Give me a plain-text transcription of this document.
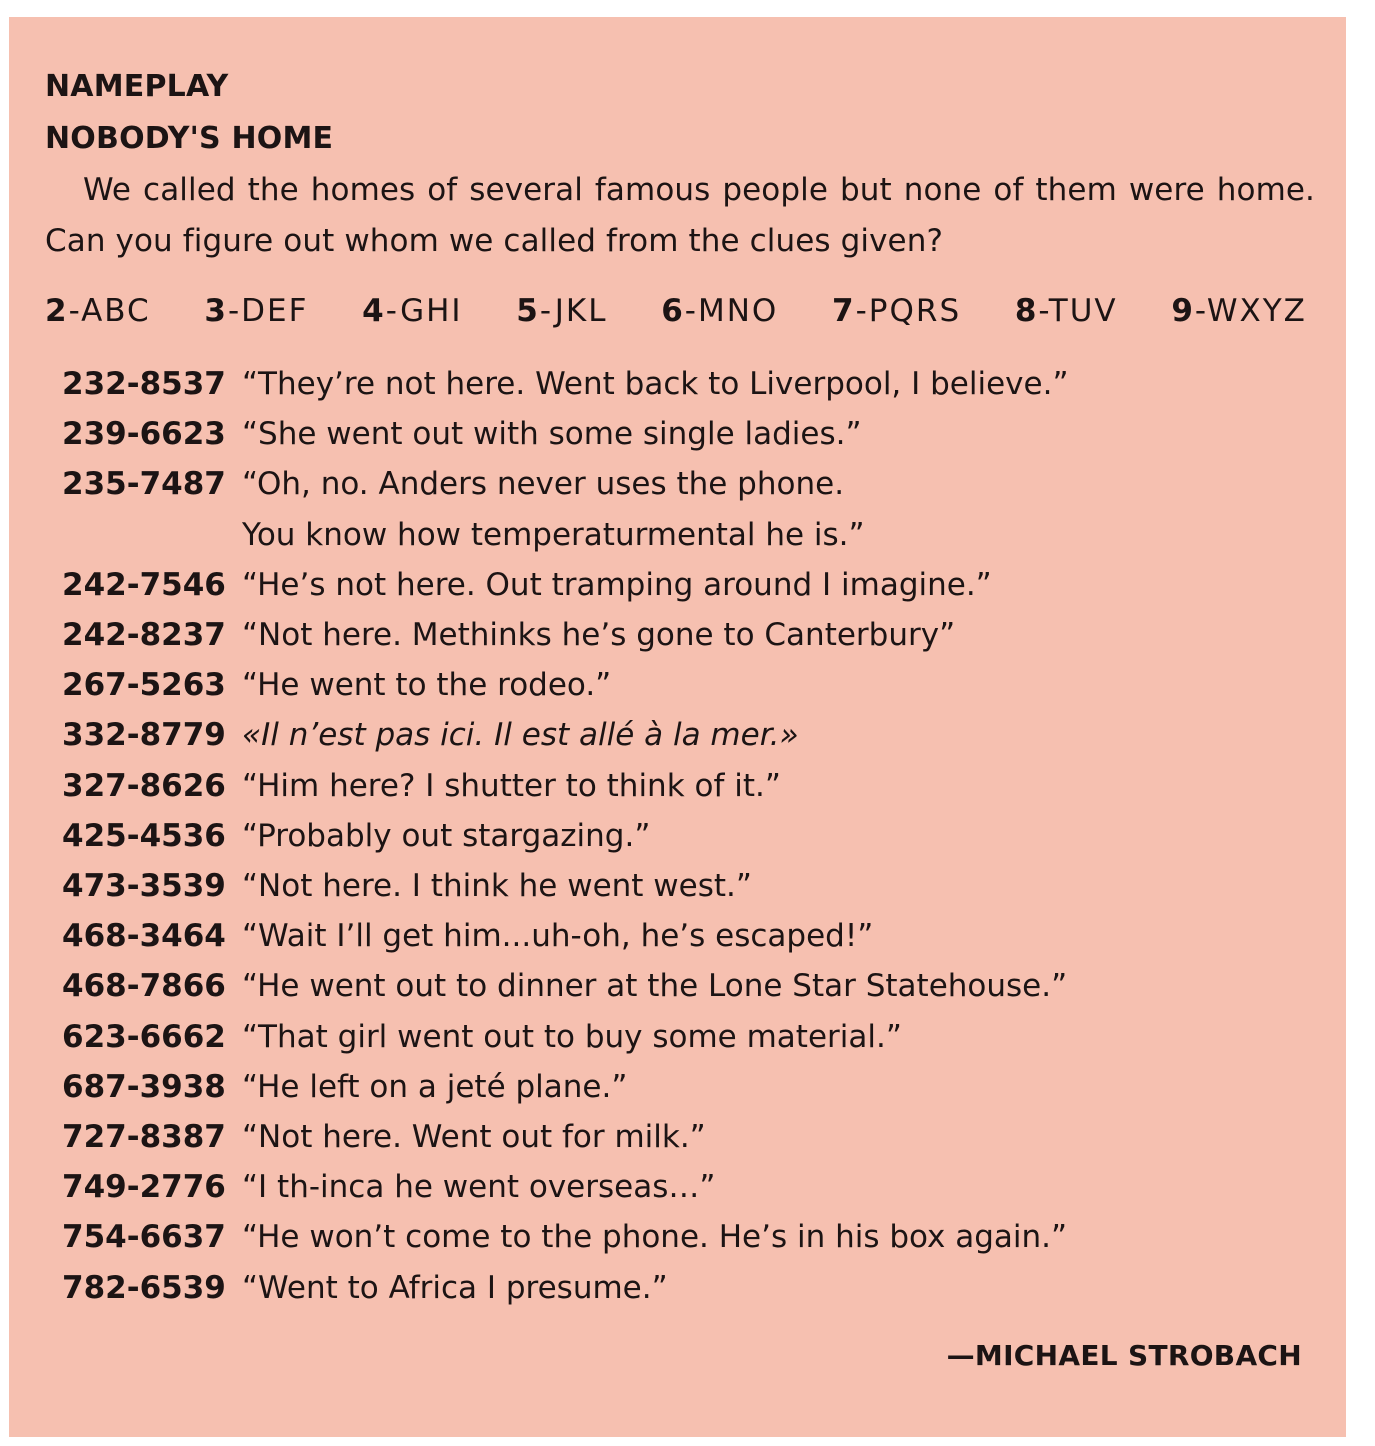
NAMEPLAY
NOBODY'S HOME

We called the homes of several famous people but none of them were home. Can you figure out whom we called from the clues given?

2-ABC 3-DEF 4-GHI 5-JKL 6-MNO 7-PQRS 8-TUV 9-WXYZ
232-8537 “They’re not here. Went back to Liverpool, I believe.”
239-6623 “She went out with some single ladies.”
235-7487 “Oh, no. Anders never uses the phone.
You know how temperaturmental he is.”
242-7546 “He’s not here. Out tramping around I imagine.”
242-8237 “Not here. Methinks he’s gone to Canterbury”
267-5263 “He went to the rodeo.”
332-8779 «Il n’est pas ici. Il est allé à la mer.»
327-8626 “Him here? I shutter to think of it.”
425-4536 “Probably out stargazing.”
473-3539 “Not here. I think he went west.”
468-3464 “Wait I’ll get him...uh-oh, he’s escaped!”
468-7866 “He went out to dinner at the Lone Star Statehouse.”
623-6662 “That girl went out to buy some material.”
687-3938 “He left on a jeté plane.”
727-8387 “Not here. Went out for milk.”
749-2776 “I th-inca he went overseas…”
754-6637 “He won’t come to the phone. He’s in his box again.”
782-6539 “Went to Africa I presume.”
—MICHAEL STROBACH
